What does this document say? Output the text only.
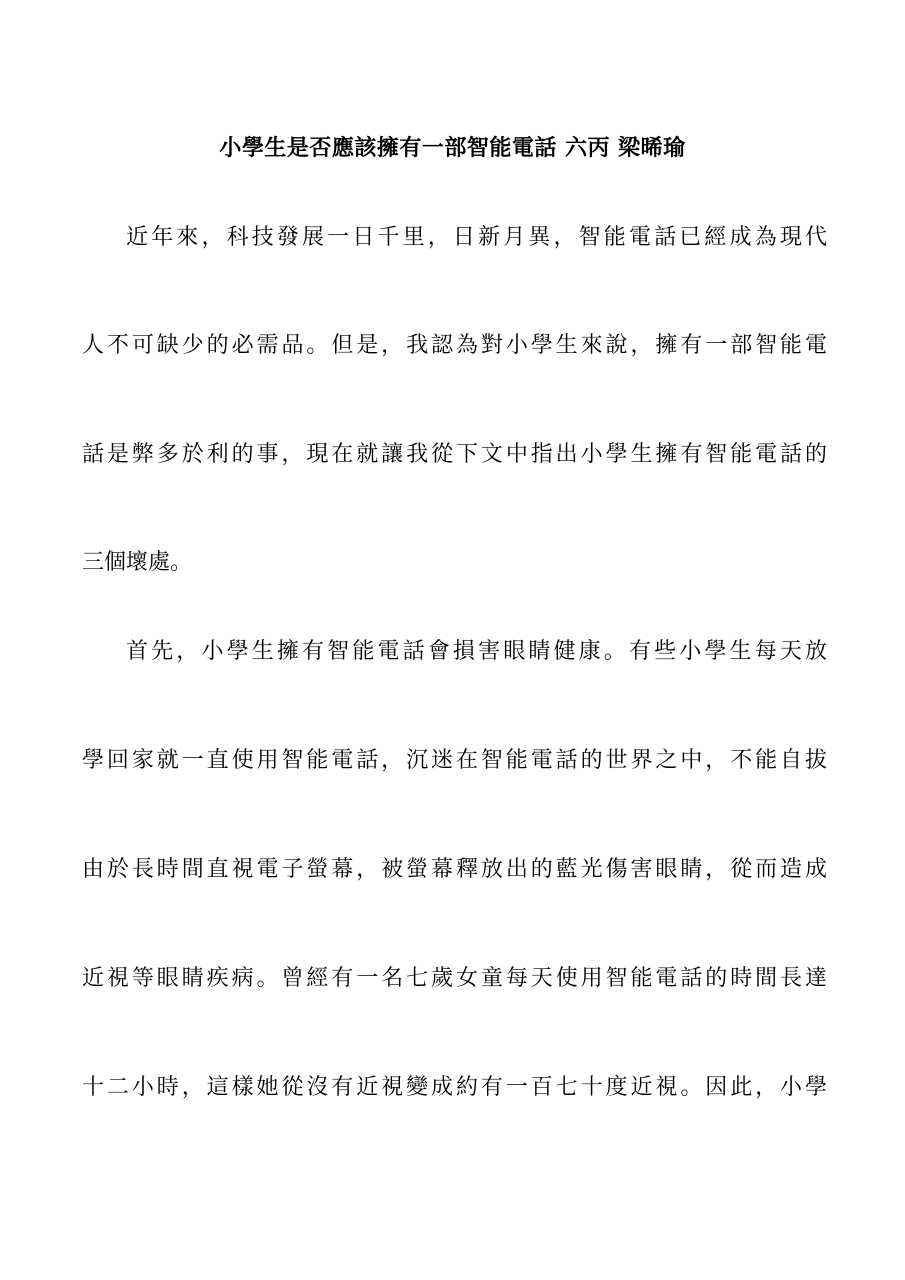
小學生是否應該擁有一部智能電話 六丙 梁晞瑜
近年來，科技發展一日千里，日新月異，智能電話已經成為現代
人不可缺少的必需品。但是，我認為對小學生來說，擁有一部智能電
話是弊多於利的事，現在就讓我從下文中指出小學生擁有智能電話的
三個壞處。
首先，小學生擁有智能電話會損害眼睛健康。有些小學生每天放
學回家就一直使用智能電話，沉迷在智能電話的世界之中，不能自拔
由於長時間直視電子螢幕，被螢幕釋放出的藍光傷害眼睛，從而造成
近視等眼睛疾病。曾經有一名七歲女童每天使用智能電話的時間長達
十二小時，這樣她從沒有近視變成約有一百七十度近視。因此，小學
